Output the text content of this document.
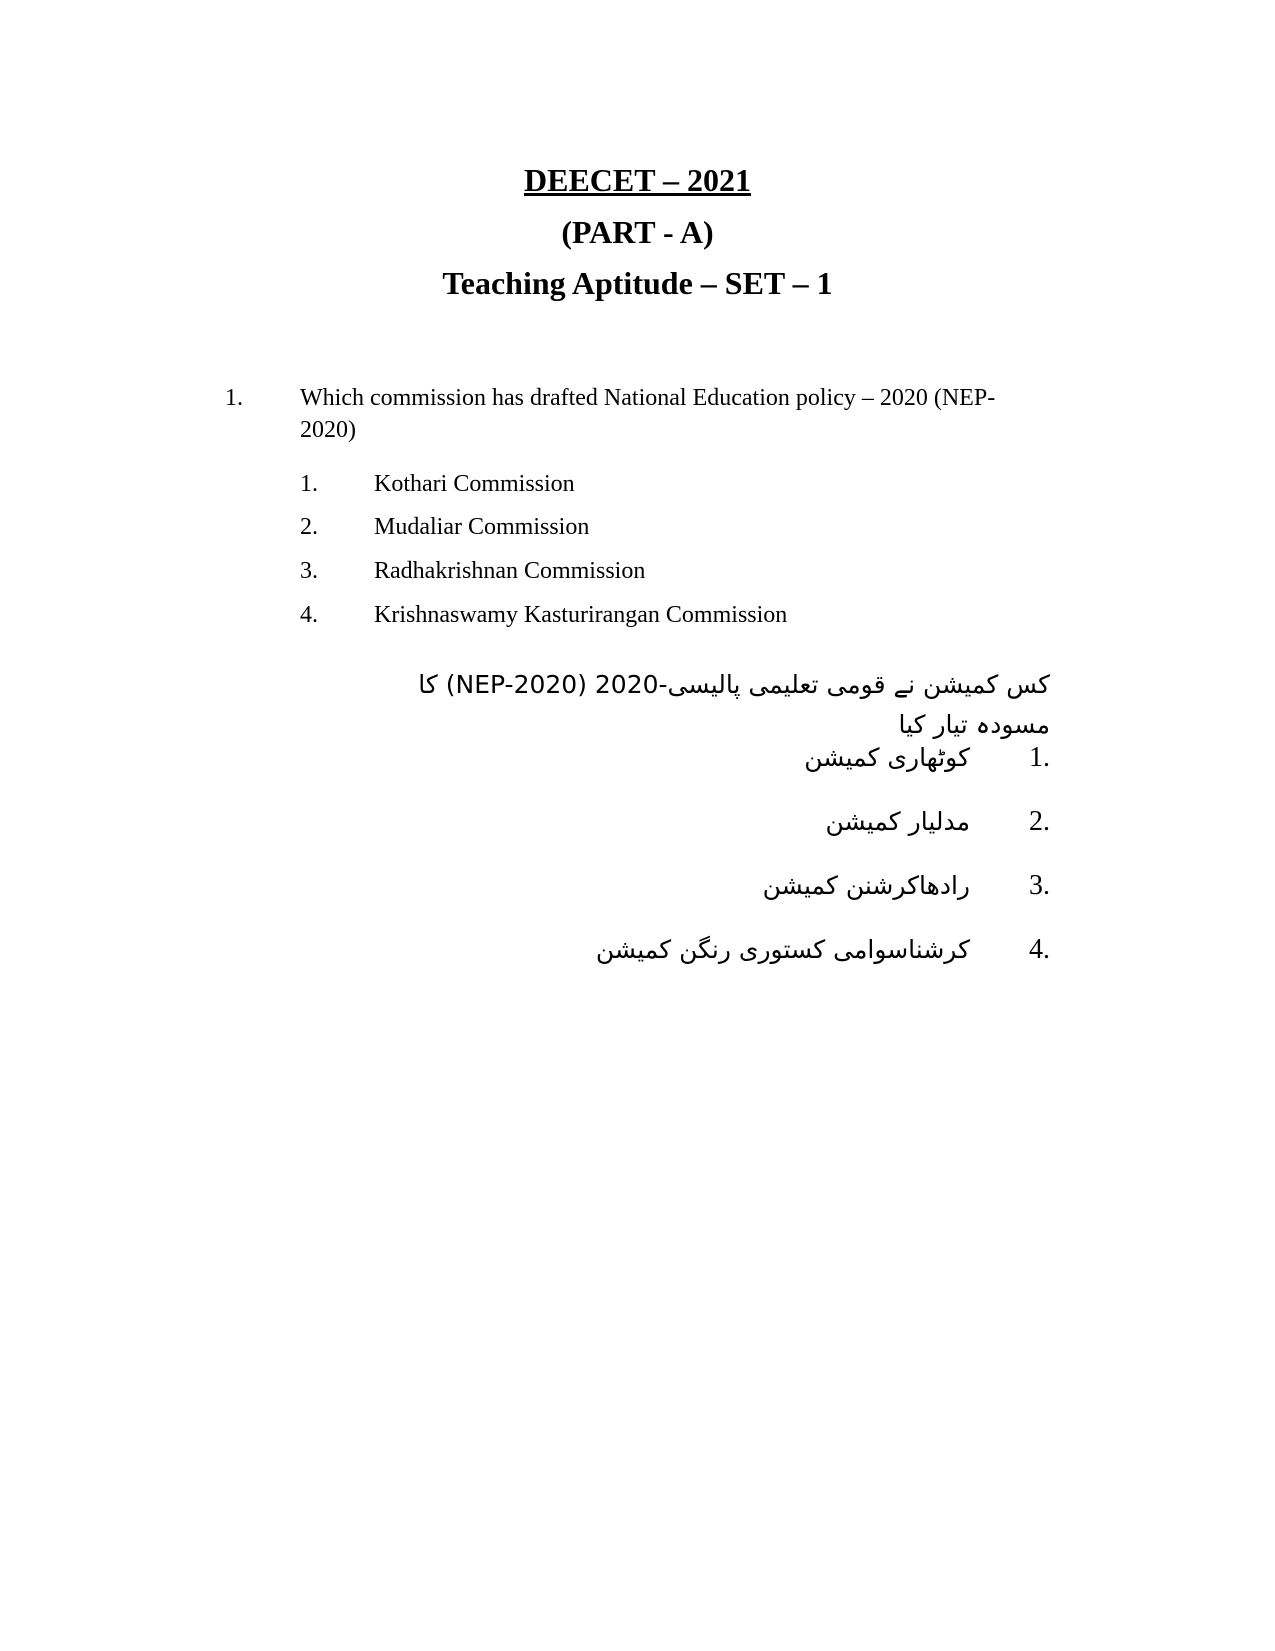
DEECET – 2021
(PART - A)
Teaching Aptitude – SET – 1
1. Which commission has drafted National Education policy – 2020 (NEP-2020)
1. Kothari Commission
2. Mudaliar Commission
3. Radhakrishnan Commission
4. Krishnaswamy Kasturirangan Commission
کس کمیشن نے قومی تعلیمی پالیسی-2020 (NEP-2020) کا مسودہ تیار کیا
.1کوٹھاری کمیشن
.2مدلیار کمیشن
.3رادھاکرشنن کمیشن
.4کرشناسوامی کستوری رنگن کمیشن
